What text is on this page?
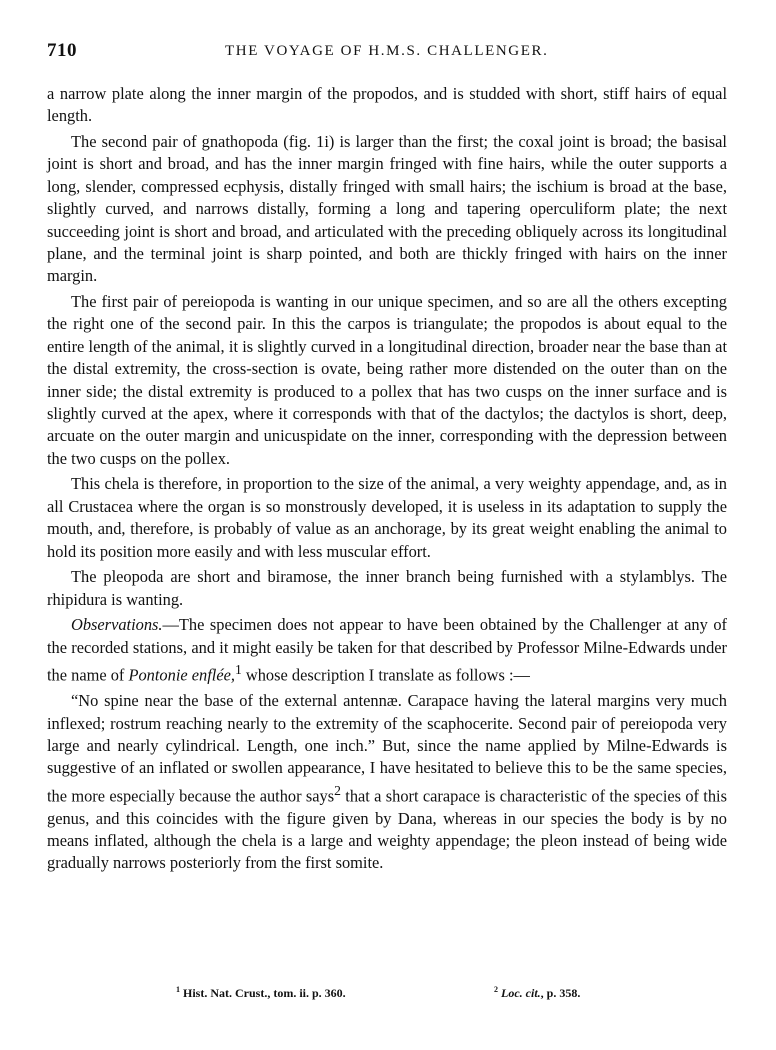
710	THE VOYAGE OF H.M.S. CHALLENGER.

a narrow plate along the inner margin of the propodos, and is studded with short, stiff hairs of equal length.

The second pair of gnathopoda (fig. 1i) is larger than the first; the coxal joint is broad; the basisal joint is short and broad, and has the inner margin fringed with fine hairs, while the outer supports a long, slender, compressed ecphysis, distally fringed with small hairs; the ischium is broad at the base, slightly curved, and narrows distally, forming a long and tapering operculiform plate; the next succeeding joint is short and broad, and articulated with the preceding obliquely across its longitudinal plane, and the terminal joint is sharp pointed, and both are thickly fringed with hairs on the inner margin.

The first pair of pereiopoda is wanting in our unique specimen, and so are all the others excepting the right one of the second pair. In this the carpos is triangulate; the propodos is about equal to the entire length of the animal, it is slightly curved in a longitudinal direction, broader near the base than at the distal extremity, the cross-section is ovate, being rather more distended on the outer than on the inner side; the distal extremity is produced to a pollex that has two cusps on the inner surface and is slightly curved at the apex, where it corresponds with that of the dactylos; the dactylos is short, deep, arcuate on the outer margin and unicuspidate on the inner, corresponding with the depression between the two cusps on the pollex.

This chela is therefore, in proportion to the size of the animal, a very weighty appendage, and, as in all Crustacea where the organ is so monstrously developed, it is useless in its adaptation to supply the mouth, and, therefore, is probably of value as an anchorage, by its great weight enabling the animal to hold its position more easily and with less muscular effort.

The pleopoda are short and biramose, the inner branch being furnished with a stylamblys. The rhipidura is wanting.

Observations.—The specimen does not appear to have been obtained by the Challenger at any of the recorded stations, and it might easily be taken for that described by Professor Milne-Edwards under the name of Pontonie enflée,$^1$ whose description I translate as follows :—

“No spine near the base of the external antennæ. Carapace having the lateral margins very much inflexed; rostrum reaching nearly to the extremity of the scaphocerite. Second pair of pereiopoda very large and nearly cylindrical. Length, one inch.” But, since the name applied by Milne-Edwards is suggestive of an inflated or swollen appearance, I have hesitated to believe this to be the same species, the more especially because the author says$^2$ that a short carapace is characteristic of the species of this genus, and this coincides with the figure given by Dana, whereas in our species the body is by no means inflated, although the chela is a large and weighty appendage; the pleon instead of being wide gradually narrows posteriorly from the first somite.

$^1$ Hist. Nat. Crust., tom. ii. p. 360.	$^2$ Loc. cit., p. 358.
